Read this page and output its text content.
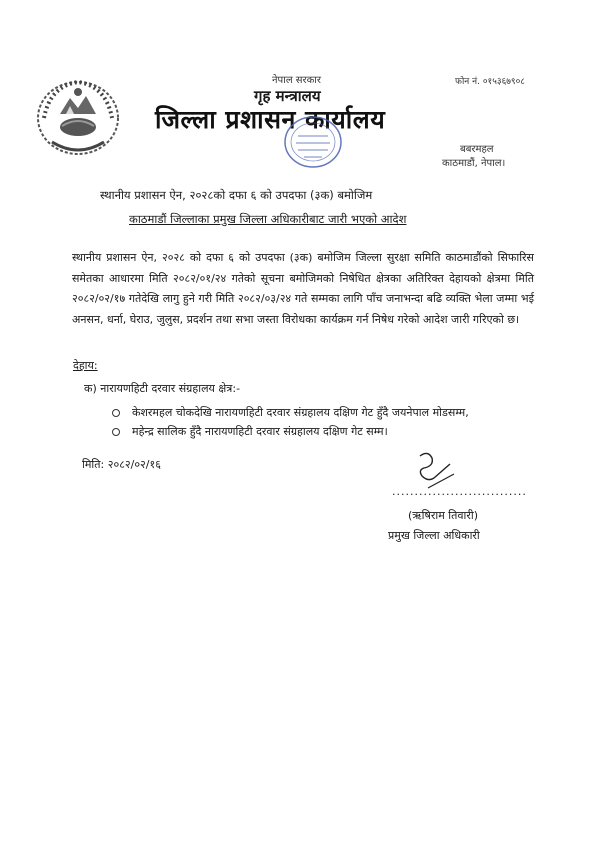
नेपाल सरकार
गृह मन्त्रालय
जिल्ला प्रशासन कार्यालय
फोन नं. ०१५३६७९०८
बबरमहल
काठमाडौं, नेपाल।
स्थानीय प्रशासन ऐन, २०२८को दफा ६ को उपदफा (३क) बमोजिम
काठमाडौं जिल्लाका प्रमुख जिल्ला अधिकारीबाट जारी भएको आदेश

स्थानीय प्रशासन ऐन, २०२८ को दफा ६ को उपदफा (३क) बमोजिम जिल्ला सुरक्षा समिति काठमाडौंको सिफारिस समेतका आधारमा मिति २०८२/०१/२४ गतेको सूचना बमोजिमको निषेधित क्षेत्रका अतिरिक्त देहायको क्षेत्रमा मिति २०८२/०२/१७ गतेदेखि लागु हुने गरी मिति २०८२/०३/२४ गते सम्मका लागि पाँच जनाभन्दा बढि व्यक्ति भेला जम्मा भई अनसन, धर्ना, घेराउ, जुलुस, प्रदर्शन तथा सभा जस्ता विरोधका कार्यक्रम गर्न निषेध गरेको आदेश जारी गरिएको छ।

देहाय:
क) नारायणहिटी दरवार संग्रहालय क्षेत्र:-
केशरमहल चोकदेखि नारायणहिटी दरवार संग्रहालय दक्षिण गेट हुँदै जयनेपाल मोडसम्म,
महेन्द्र सालिक हुँदै नारायणहिटी दरवार संग्रहालय दक्षिण गेट सम्म।
मिति: २०८२/०२/१६
..............................
(ऋषिराम तिवारी)
प्रमुख जिल्ला अधिकारी
